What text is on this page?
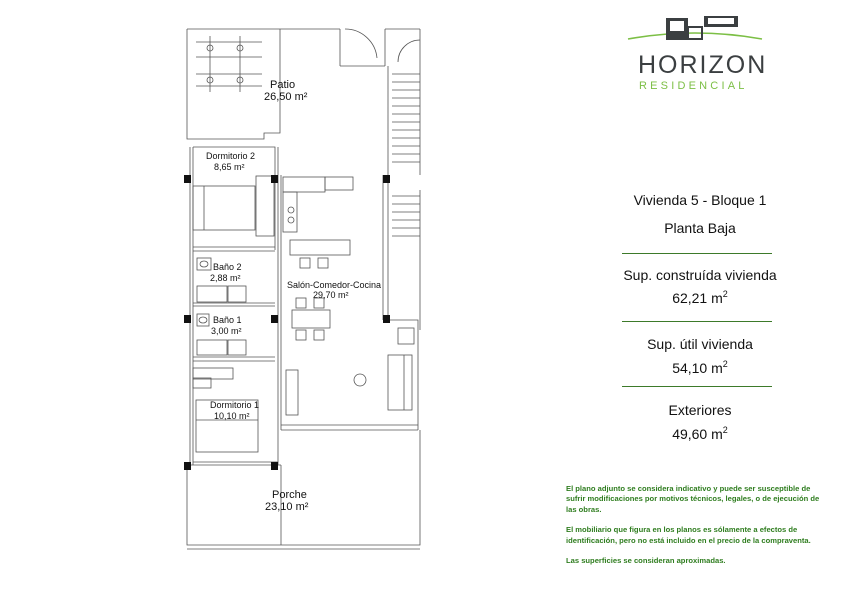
Patio
26,50 m²
Dormitorio 2
8,65 m²
Baño 2
2,88 m²
Baño 1
3,00 m²
Dormitorio 1
10,10 m²
Salón-Comedor-Cocina
29,70 m²
Porche
23,10 m²
HORIZON
RESIDENCIAL
Vivienda 5 - Bloque 1
Planta Baja
Sup. construída vivienda
62,21 $m^2$
Sup. útil vivienda
54,10 $m^2$
Exteriores
49,60 $m^2$

El plano adjunto se considera indicativo y puede ser susceptible de sufrir modificaciones por motivos técnicos, legales, o de ejecución de las obras.

El mobiliario que figura en los planos es sólamente a efectos de identificación, pero no está incluido en el precio de la compraventa.

Las superficies se consideran aproximadas.
